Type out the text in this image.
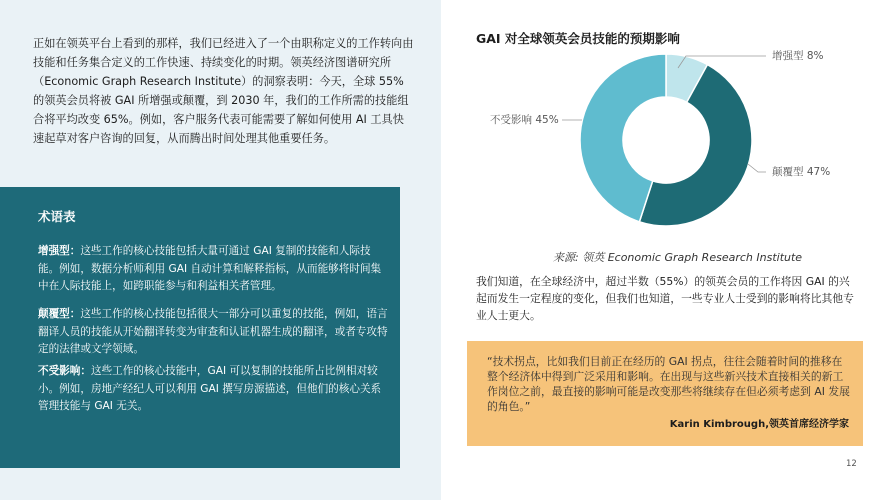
正如在领英平台上看到的那样，我们已经进入了一个由职称定义的工作转向由技能和任务集合定义的工作快速、持续变化的时期。领英经济图谱研究所（Economic Graph Research Institute）的洞察表明：今天，全球 55% 的领英会员将被 GAI 所增强或颠覆，到 2030 年，我们的工作所需的技能组合将平均改变 65%。例如，客户服务代表可能需要了解如何使用 AI 工具快速起草对客户咨询的回复，从而腾出时间处理其他重要任务。

术语表

增强型：这些工作的核心技能包括大量可通过 GAI 复制的技能和人际技能。例如，数据分析师利用 GAI 自动计算和解释指标，从而能够将时间集中在人际技能上，如跨职能参与和利益相关者管理。

颠覆型：这些工作的核心技能包括很大一部分可以重复的技能，例如，语言翻译人员的技能从开始翻译转变为审查和认证机器生成的翻译，或者专攻特定的法律或文学领域。

不受影响：这些工作的核心技能中，GAI 可以复制的技能所占比例相对较小。例如，房地产经纪人可以利用 GAI 撰写房源描述，但他们的核心关系管理技能与 GAI 无关。

GAI 对全球领英会员技能的预期影响

增强型 8%
颠覆型 47%
不受影响 45%

来源: 领英 Economic Graph Research Institute

我们知道，在全球经济中，超过半数（55%）的领英会员的工作将因 GAI 的兴起而发生一定程度的变化，但我们也知道，一些专业人士受到的影响将比其他专业人士更大。

“技术拐点，比如我们目前正在经历的 GAI 拐点，往往会随着时间的推移在整个经济体中得到广泛采用和影响。在出现与这些新兴技术直接相关的新工作岗位之前，最直接的影响可能是改变那些将继续存在但必须考虑到 AI 发展的角色。”

Karin Kimbrough,领英首席经济学家

12
